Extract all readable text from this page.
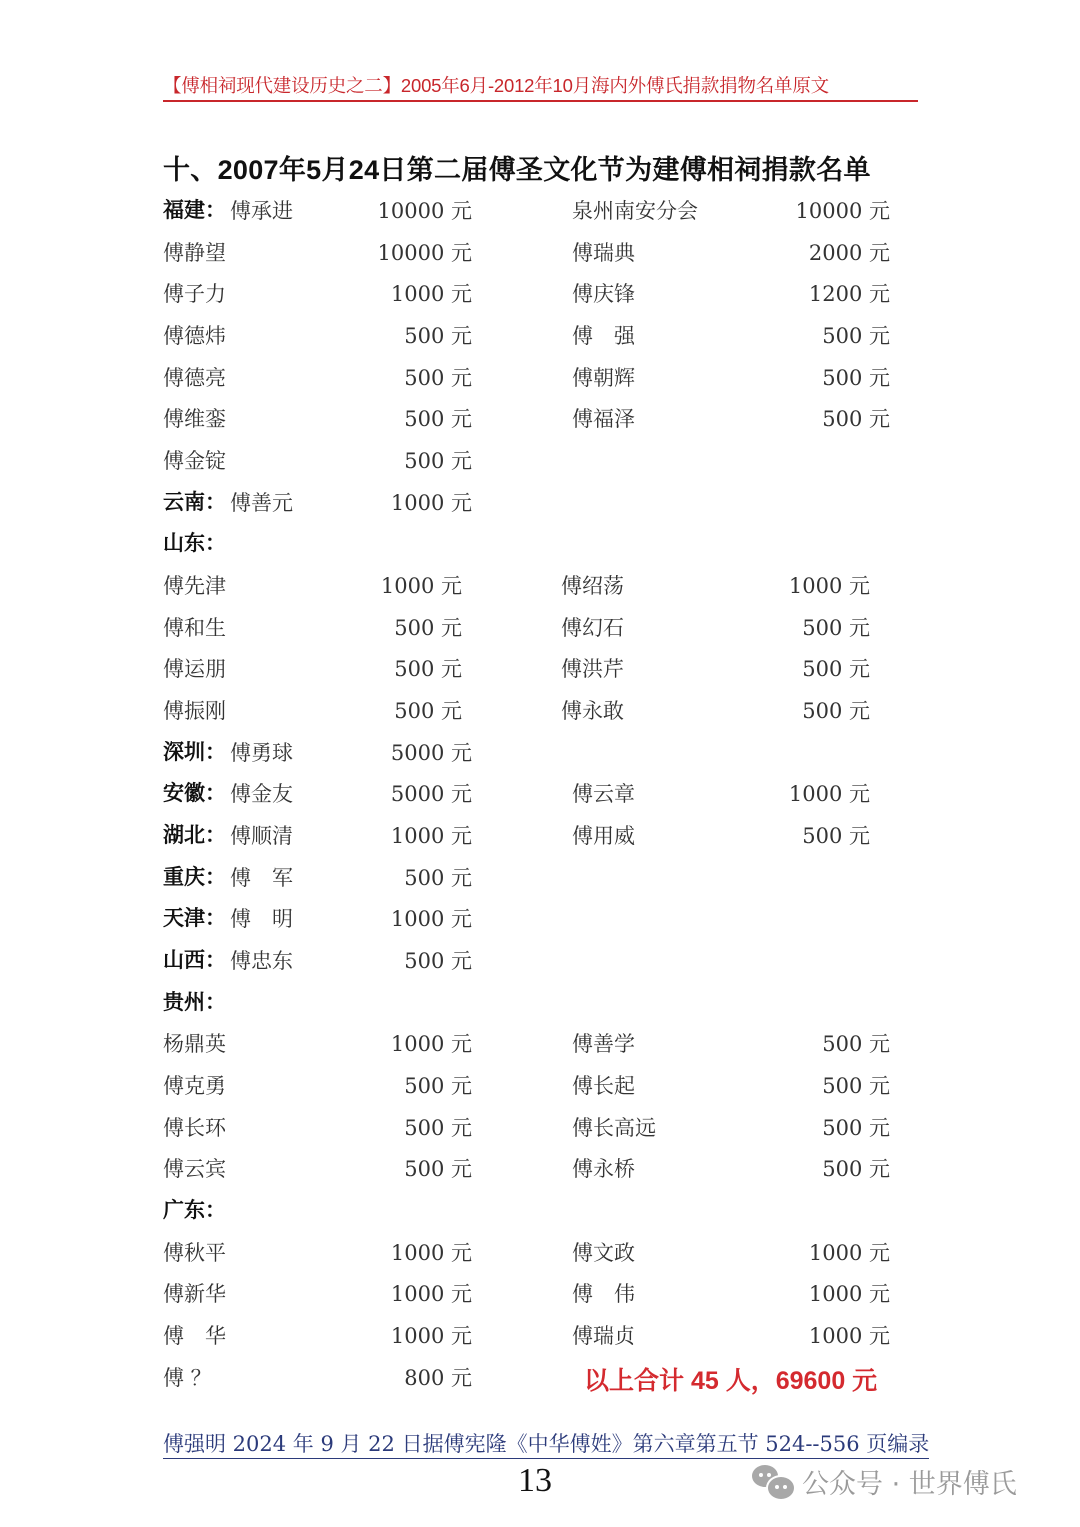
【傅相祠现代建设历史之二】2005年6月-2012年10月海内外傅氏捐款捐物名单原文
十、2007年5月24日第二届傅圣文化节为建傅相祠捐款名单
福建： 傅承进	10000 元	泉州南安分会	10000 元
傅静望	10000 元	傅瑞典	2000 元
傅子力	1000 元	傅庆锋	1200 元
傅德炜	500 元	傅　强	500 元
傅德亮	500 元	傅朝辉	500 元
傅维銮	500 元	傅福泽	500 元
傅金锭	500 元
云南： 傅善元	1000 元
山东：
傅先津	1000 元	傅绍荡	1000 元
傅和生	500 元	傅幻石	500 元
傅运朋	500 元	傅洪芹	500 元
傅振刚	500 元	傅永敢	500 元
深圳： 傅勇球	5000 元
安徽： 傅金友	5000 元	傅云章	1000 元
湖北： 傅顺清	1000 元	傅用威	500 元
重庆： 傅　军	500 元
天津： 傅　明	1000 元
山西： 傅忠东	500 元
贵州：
杨鼎英	1000 元	傅善学	500 元
傅克勇	500 元	傅长起	500 元
傅长环	500 元	傅长高远	500 元
傅云宾	500 元	傅永桥	500 元
广东：
傅秋平	1000 元	傅文政	1000 元
傅新华	1000 元	傅　伟	1000 元
傅　华	1000 元	傅瑞贞	1000 元
傅 ？	800 元	以上合计 45 人，69600 元
傅强明 2024 年 9 月 22 日据傅宪隆《中华傅姓》第六章第五节 524--556 页编录
13	公众号 · 世界傅氏
